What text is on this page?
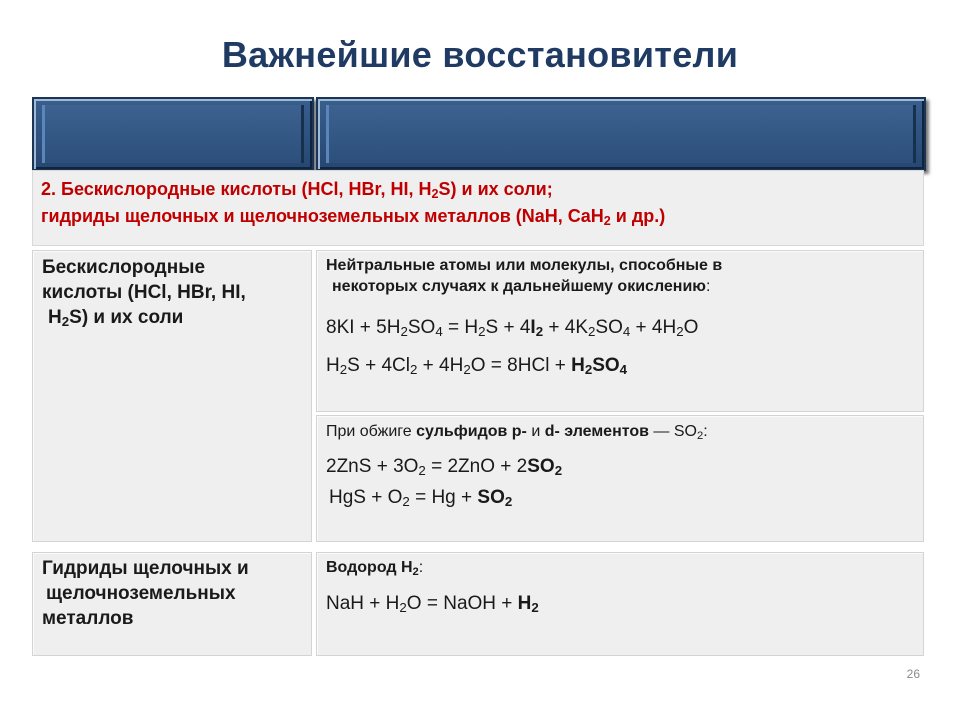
Важнейшие восстановители
2. Бескислородные кислоты (HCl, HBr, HI, $H_2S$) и их соли;
гидриды щелочных и щелочноземельных металлов (NaH, CaH$_2$ и др.)
Бескислородные
кислоты (HCl, HBr, HI,
$H_2S$) и их соли
Нейтральные атомы или молекулы, способные в
некоторых случаях к дальнейшему окислению:
$8KI + 5H_2SO_4 = H_2S + 4I_2 + 4K_2SO_4 + 4H_2O$
$H_2S + 4Cl_2 + 4H_2O = 8HCl + H_2SO_4$
При обжиге сульфидов р- и d- элементов — $SO_2$:
$2ZnS + 3O_2 = 2ZnO + 2SO_2$
HgS + $O_2 = Hg + SO_2$
Гидриды щелочных и
щелочноземельных
металлов
Водород $H_2$:
NaH + $H_2O$ = NaOH + $H_2$
26
